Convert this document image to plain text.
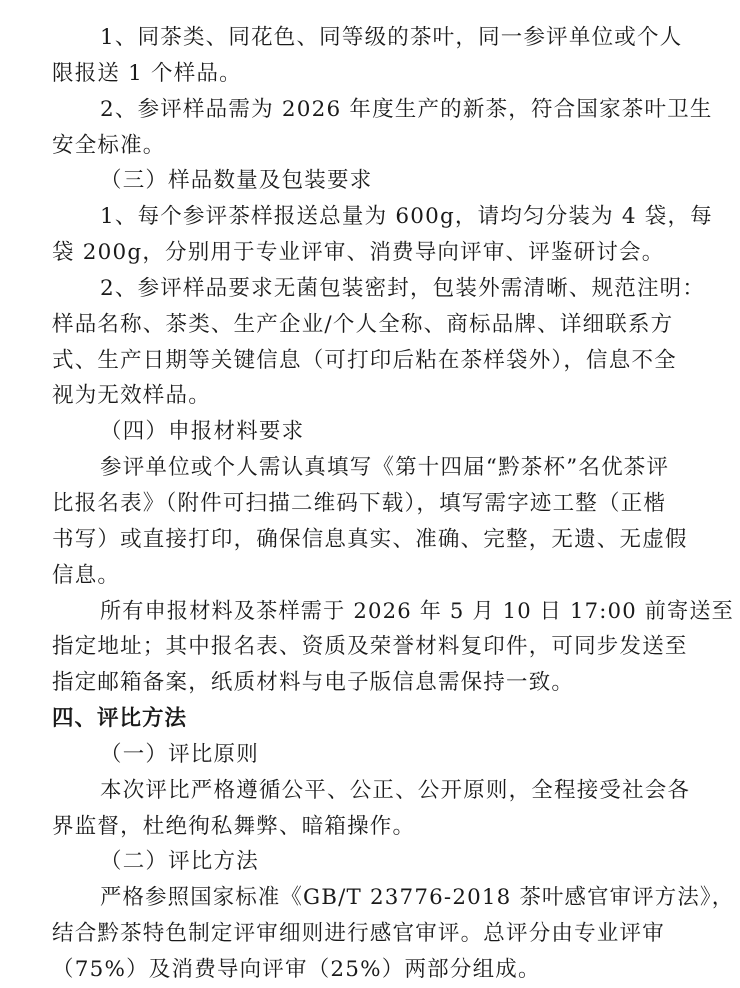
1、同茶类、同花色、同等级的茶叶，同一参评单位或个人
限报送 1 个样品。
2、参评样品需为 2026 年度生产的新茶，符合国家茶叶卫生
安全标准。
（三）样品数量及包装要求
1、每个参评茶样报送总量为 600g，请均匀分装为 4 袋，每
袋 200g，分别用于专业评审、消费导向评审、评鉴研讨会。
2、参评样品要求无菌包装密封，包装外需清晰、规范注明：
样品名称、茶类、生产企业/个人全称、商标品牌、详细联系方
式、生产日期等关键信息（可打印后粘在茶样袋外），信息不全
视为无效样品。
（四）申报材料要求
参评单位或个人需认真填写《第十四届“黔茶杯”名优茶评
比报名表》（附件可扫描二维码下载），填写需字迹工整（正楷
书写）或直接打印，确保信息真实、准确、完整，无遗、无虚假
信息。
所有申报材料及茶样需于 2026 年 5 月 10 日 17:00 前寄送至
指定地址；其中报名表、资质及荣誉材料复印件，可同步发送至
指定邮箱备案，纸质材料与电子版信息需保持一致。
四、评比方法
（一）评比原则
本次评比严格遵循公平、公正、公开原则，全程接受社会各
界监督，杜绝徇私舞弊、暗箱操作。
（二）评比方法
严格参照国家标准《GB/T 23776-2018 茶叶感官审评方法》，
结合黔茶特色制定评审细则进行感官审评。总评分由专业评审
（75%）及消费导向评审（25%）两部分组成。
